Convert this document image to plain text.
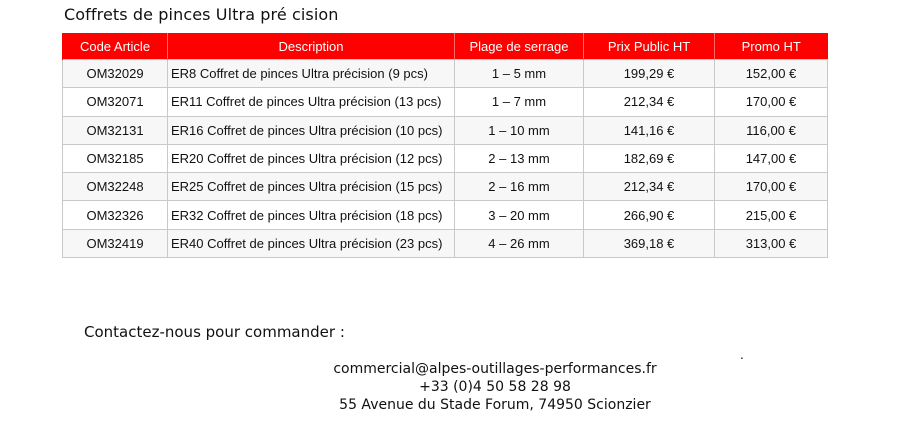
Coffrets de pinces Ultra pré cision
Code Article	Description	Plage de serrage	Prix Public HT	Promo HT
OM32029	ER8 Coffret de pinces Ultra précision (9 pcs)	1 – 5 mm	199,29 €	152,00 €
OM32071	ER11 Coffret de pinces Ultra précision (13 pcs)	1 – 7 mm	212,34 €	170,00 €
OM32131	ER16 Coffret de pinces Ultra précision (10 pcs)	1 – 10 mm	141,16 €	116,00 €
OM32185	ER20 Coffret de pinces Ultra précision (12 pcs)	2 – 13 mm	182,69 €	147,00 €
OM32248	ER25 Coffret de pinces Ultra précision (15 pcs)	2 – 16 mm	212,34 €	170,00 €
OM32326	ER32 Coffret de pinces Ultra précision (18 pcs)	3 – 20 mm	266,90 €	215,00 €
OM32419	ER40 Coffret de pinces Ultra précision (23 pcs)	4 – 26 mm	369,18 €	313,00 €
Contactez-nous pour commander :
.
commercial@alpes-outillages-performances.fr
+33 (0)4 50 58 28 98
55 Avenue du Stade Forum, 74950 Scionzier
